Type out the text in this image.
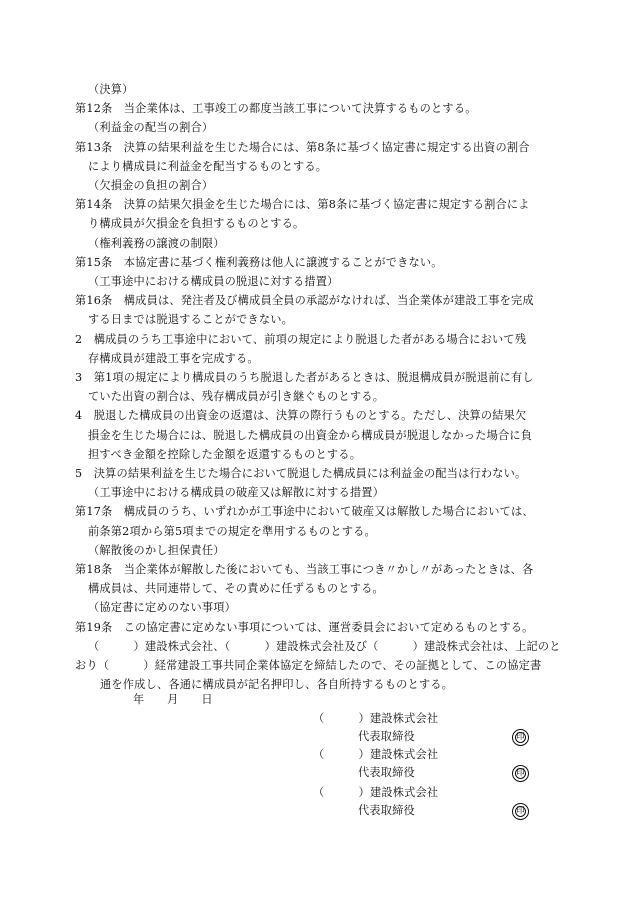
（決算）
第12条　当企業体は、工事竣工の都度当該工事について決算するものとする。
（利益金の配当の割合）
第13条　決算の結果利益を生じた場合には、第8条に基づく協定書に規定する出資の割合
により構成員に利益金を配当するものとする。
（欠損金の負担の割合）
第14条　決算の結果欠損金を生じた場合には、第8条に基づく協定書に規定する割合によ
り構成員が欠損金を負担するものとする。
（権利義務の譲渡の制限）
第15条　本協定書に基づく権利義務は他人に譲渡することができない。
（工事途中における構成員の脱退に対する措置）
第16条　構成員は、発注者及び構成員全員の承認がなければ、当企業体が建設工事を完成
する日までは脱退することができない。
2　構成員のうち工事途中において、前項の規定により脱退した者がある場合において残
存構成員が建設工事を完成する。
3　第1項の規定により構成員のうち脱退した者があるときは、脱退構成員が脱退前に有し
ていた出資の割合は、残存構成員が引き継ぐものとする。
4　脱退した構成員の出資金の返還は、決算の際行うものとする。ただし、決算の結果欠
損金を生じた場合には、脱退した構成員の出資金から構成員が脱退しなかった場合に負
担すべき金額を控除した金額を返還するものとする。
5　決算の結果利益を生じた場合において脱退した構成員には利益金の配当は行わない。
（工事途中における構成員の破産又は解散に対する措置）
第17条　構成員のうち、いずれかが工事途中において破産又は解散した場合においては、
前条第2項から第5項までの規定を準用するものとする。
（解散後のかし担保責任）
第18条　当企業体が解散した後においても、当該工事につき〃かし〃があったときは、各
構成員は、共同連帯して、その責めに任ずるものとする。
（協定書に定めのない事項）
第19条　この協定書に定めない事項については、運営委員会において定めるものとする。
（　　　）建設株式会社、（　　　）建設株式会社及び（　　　）建設株式会社は、上記のと
おり（　　　）経常建設工事共同企業体協定を締結したので、その証拠として、この協定書
通を作成し、各通に構成員が記名押印し、各自所持するものとする。
年　　月　　日
（　　　）建設株式会社
代表取締役	印
（　　　）建設株式会社
代表取締役	印
（　　　）建設株式会社
代表取締役	印
